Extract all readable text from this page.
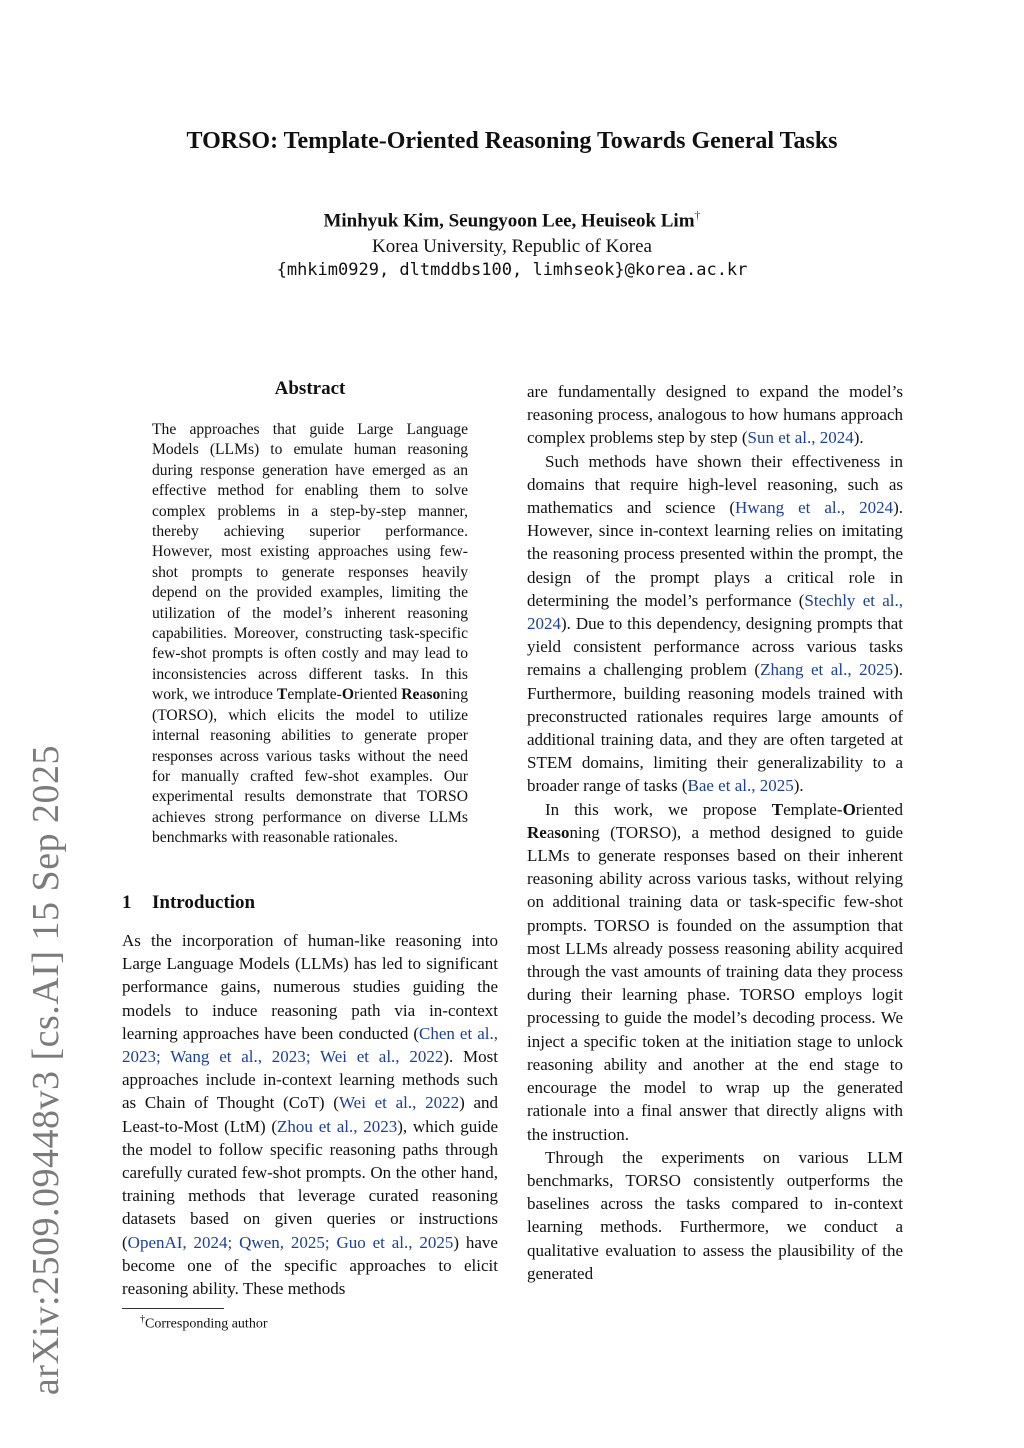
arXiv:2509.09448v3 [cs.AI] 15 Sep 2025
TORSO: Template-Oriented Reasoning Towards General Tasks
Minhyuk Kim, Seungyoon Lee, Heuiseok Lim†
Korea University, Republic of Korea
{mhkim0929, dltmddbs100, limhseok}@korea.ac.kr
Abstract
The approaches that guide Large Language Models (LLMs) to emulate human reasoning during response generation have emerged as an effective method for enabling them to solve complex problems in a step-by-step manner, thereby achieving superior performance. However, most existing approaches using few-shot prompts to generate responses heavily depend on the provided examples, limiting the utilization of the model’s inherent reasoning capabilities. Moreover, constructing task-specific few-shot prompts is often costly and may lead to inconsistencies across different tasks. In this work, we introduce Template-Oriented Reasoning (TORSO), which elicits the model to utilize internal reasoning abilities to generate proper responses across various tasks without the need for manually crafted few-shot examples. Our experimental results demonstrate that TORSO achieves strong performance on diverse LLMs benchmarks with reasonable rationales.
1 Introduction

As the incorporation of human-like reasoning into Large Language Models (LLMs) has led to significant performance gains, numerous studies guiding the models to induce reasoning path via in-context learning approaches have been conducted (Chen et al., 2023; Wang et al., 2023; Wei et al., 2022). Most approaches include in-context learning methods such as Chain of Thought (CoT) (Wei et al., 2022) and Least-to-Most (LtM) (Zhou et al., 2023), which guide the model to follow specific reasoning paths through carefully curated few-shot prompts. On the other hand, training methods that leverage curated reasoning datasets based on given queries or instructions (OpenAI, 2024; Qwen, 2025; Guo et al., 2025) have become one of the specific approaches to elicit reasoning ability. These methods

†Corresponding author

are fundamentally designed to expand the model’s reasoning process, analogous to how humans approach complex problems step by step (Sun et al., 2024).

Such methods have shown their effectiveness in domains that require high-level reasoning, such as mathematics and science (Hwang et al., 2024). However, since in-context learning relies on imitating the reasoning process presented within the prompt, the design of the prompt plays a critical role in determining the model’s performance (Stechly et al., 2024). Due to this dependency, designing prompts that yield consistent performance across various tasks remains a challenging problem (Zhang et al., 2025). Furthermore, building reasoning models trained with preconstructed rationales requires large amounts of additional training data, and they are often targeted at STEM domains, limiting their generalizability to a broader range of tasks (Bae et al., 2025).

In this work, we propose Template-Oriented Reasoning (TORSO), a method designed to guide LLMs to generate responses based on their inherent reasoning ability across various tasks, without relying on additional training data or task-specific few-shot prompts. TORSO is founded on the assumption that most LLMs already possess reasoning ability acquired through the vast amounts of training data they process during their learning phase. TORSO employs logit processing to guide the model’s decoding process. We inject a specific token at the initiation stage to unlock reasoning ability and another at the end stage to encourage the model to wrap up the generated rationale into a final answer that directly aligns with the instruction.

Through the experiments on various LLM benchmarks, TORSO consistently outperforms the baselines across the tasks compared to in-context learning methods. Furthermore, we conduct a qualitative evaluation to assess the plausibility of the generated
